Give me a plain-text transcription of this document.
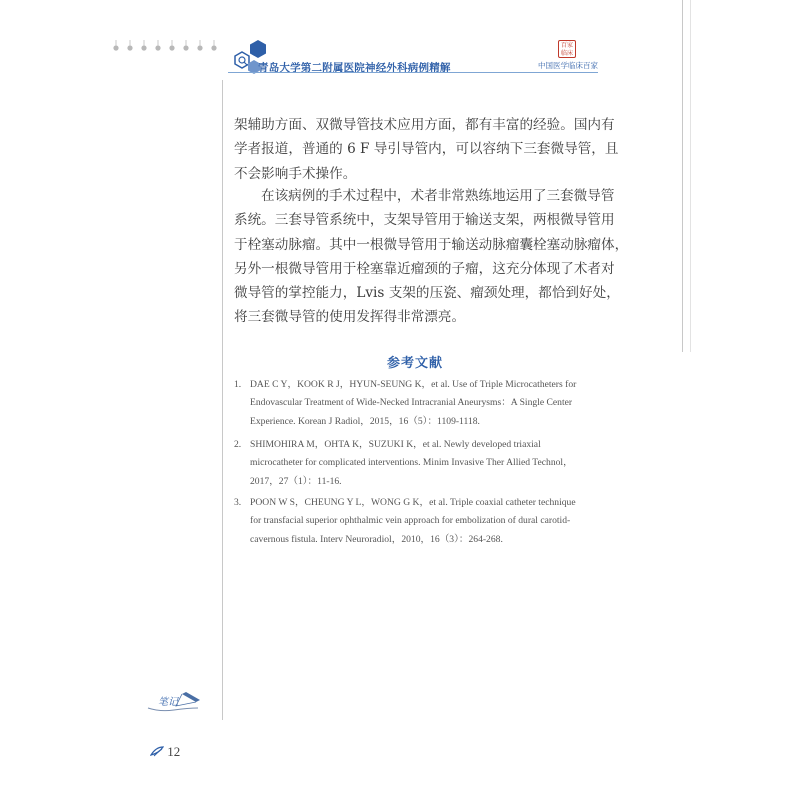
青岛大学第二附属医院神经外科病例精解
百家
临床
中国医学临床百家
架辅助方面、双微导管技术应用方面，都有丰富的经验。国内有
学者报道，普通的 6 F 导引导管内，可以容纳下三套微导管，且
不会影响手术操作。
在该病例的手术过程中，术者非常熟练地运用了三套微导管
系统。三套导管系统中，支架导管用于输送支架，两根微导管用
于栓塞动脉瘤。其中一根微导管用于输送动脉瘤囊栓塞动脉瘤体，
另外一根微导管用于栓塞靠近瘤颈的子瘤，这充分体现了术者对
微导管的掌控能力，Lvis 支架的压瓷、瘤颈处理，都恰到好处，
将三套微导管的使用发挥得非常漂亮。
参考文献
1. DAE C Y，KOOK R J，HYUN-SEUNG K，et al. Use of Triple Microcatheters for
Endovascular Treatment of Wide-Necked Intracranial Aneurysms：A Single Center
Experience. Korean J Radiol，2015，16（5）：1109-1118.
2. SHIMOHIRA M，OHTA K，SUZUKI K，et al. Newly developed triaxial
microcatheter for complicated interventions. Minim Invasive Ther Allied Technol，
2017，27（1）：11-16.
3. POON W S，CHEUNG Y L，WONG G K，et al. Triple coaxial catheter technique
for transfacial superior ophthalmic vein approach for embolization of dural carotid-
cavernous fistula. Interv Neuroradiol，2010，16（3）：264-268.
笔记
12
